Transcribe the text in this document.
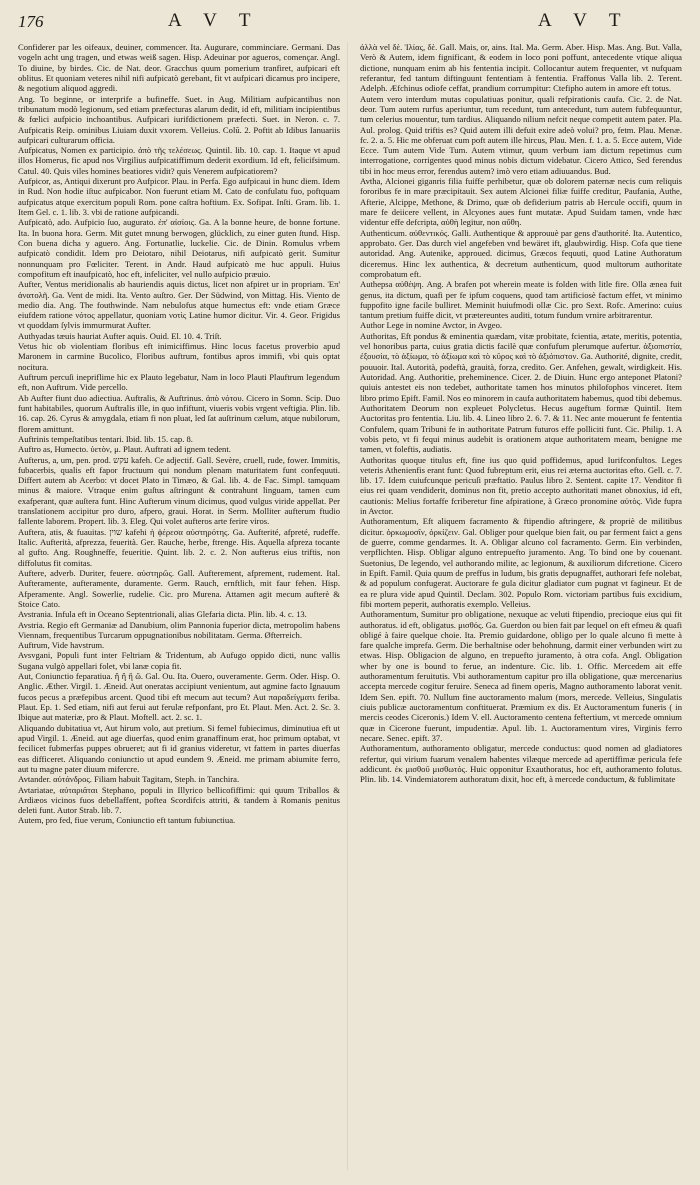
176	A V T	A V T

Confiderer par les oifeaux, deuiner, commencer. Ita. Augurare, comminciare. Germani. Das vogeln acht ung tragen, und etwas weiß sagen. Hisp. Adeuinar por agueros, començar. Angl. To diuine, by birdes. Cic. de Nat. deor. Gracchus quum pomerium tranfiret, aufpicari eft oblitus. Et quoniam veteres nihil nifi aufpicatò gerebant, fit vt aufpicari dicamus pro incipere, & negotium aliquod aggredi.

Ang. To beginne, or interprife a bufineffe. Suet. in Aug. Militiam aufpicantibus non tribunatum modò legionum, sed etiam præfecturas alarum dedit, id eft, militiam incipientibus & fœlici aufpicio inchoantibus. Aufpicari iurifdictionem præfecti. Suet. in Neron. c. 7. Aufpicatis Reip. ominibus Liuiam duxit vxorem. Velleius. Colū. 2. Poftit ab Idibus Ianuariis aufpicari culturarum officia.

Aufpicatus, Nomen ex participio. ἀπὸ τῆς τελέσεως. Quintil. lib. 10. cap. 1. Itaque vt apud illos Homerus, fic apud nos Virgilius aufpicatiffimum dederit exordium. Id eft, felicifsimum. Catul. 40. Quis viles homines beatiores vidit? quis Venerem aufpicatiorem?

Aufpicor, as, Antiqui dixerunt pro Aufpicor. Plau. in Perfa. Ego aufpicaui in hunc diem. Idem in Rud. Non hodie iſtuc aufpicabor. Non fuerunt etiam M. Cato de confulatu fuo, poftquam aufpicatus atque exercitum populi Rom. pone caſtra hoftium. Ex. Sofipat. Inſti. Gram. lib. 1. Item Gel. c. 1. lib. 3. vbi de ratione aufpicandi.

Aufpicatò, ado. Aufpicio ſuo, augurato. ἐπ' αἰσίοις. Ga. A la bonne heure, de bonne fortune. Ita. In buona hora. Germ. Mit gutet mnung berwogen, glücklich, zu einer guten ſtund. Hisp. Con buena dicha y aguero. Ang. Fortunatlie, luckelie. Cic. de Dinin. Romulus vrbem aufpicatò condidit. Idem pro Deiotaro, nihil Deiotarus, nifi aufpicatò gerit. Sumitur nonnunquam pro Fœliciter. Terent. in Andr. Haud aufpicatò me huc appuli. Huius compofitum eft inaufpicatò, hoc eft, infeliciter, vel nullo aufpicio præuio.

Aufter, Ventus meridionalis ab hauriendis aquis dictus, licet non afpiret ur in propriam. Ἐπ' ἀνατολῆ. Ga. Vent de midi. Ita. Vento auſtro. Ger. Der Südwind, von Mittag. His. Viento de medio dia. Ang. The fouthwinde. Nam nebulofus atque humectus eft: vnde etiam Græce eiufdem ratione νότος appellatur, quoniam νοτὶς Latine humor dicitur. Vir. 4. Geor. Frigidus vt quoddam ſylvis immurmurat Aufter.

Authyadas tæuis hauriat Aufter aquis. Ouid. El. 10. 4. Triſt.

Vetus hic ob violentiam floribus eft inimiciffimus. Hinc locus facetus proverbio apud Maronem in carmine Bucolico, Floribus auftrum, fontibus apros immifi, vbi quis optat nocitura.

Auftrum percuſi inepriflime hic ex Plauto legebatur, Nam in loco Plauti Plauftrum legendum eft, non Auftrum. Vide percello.

Ab Aufter fiunt duo adiectiua. Auftralis, & Auftrinus. ἀπὸ νότου. Cicero in Somn. Scip. Duo funt habitabiles, quorum Auftralis ille, in quo infiftunt, viueris vobis vrgent veftigia. Plin. lib. 16. cap. 26. Cyrus & amygdala, etiam fi non pluat, led ſat auſtrinum cælum, atque nubilorum, florem amittunt.

Auftrinis tempeſtatibus tentari. Ibid. lib. 15. cap. 8.

Auftro as, Humecto. ὑετὸν, μ. Plaut. Auftrati ad ignem tedent.

Aufterus, a, um, pen. prod. עקש kafeh. Ce adjectif. Gall. Sevère, cruell, rude, fower. Immitis, fubacerbis, qualis eft fapor fructuum qui nondum plenam maturitatem funt confequuti. Differt autem ab Acerbo: vt docet Plato in Timæo, & Gal. lib. 4. de Fac. Simpl. tamquam minus & maiore. Vtraque enim guſtus aſtringunt & contrahunt linguam, tamen cum exafperant, quæ auſtera funt. Hinc Aufterum vinum dicimus, quod vulgus viride appellat. Per translationem accipitur pro duro, afpero, graui. Horat. in Serm. Molliter aufterum ftudio fallente laborem. Propert. lib. 3. Eleg. Qui volet aufteros arte ferire viros.

Auftera, atis, & fuauitas. שוין kafehi ἡ ϕέρεσα αὐστηρότης. Ga. Aufterité, afpreté, rudeffe. Italic. Aufterità, afprezza, feuerità. Ger. Rauche, herbe, ftrenge. His. Aquella afpreza tocante al gufto. Ang. Roughneffe, feueritie. Quint. lib. 2. c. 2. Non aufterus eius triftis, non diffolutus fit comitas.

Auftere, adverb. Duriter, feuere. αὐστηρῶς. Gall. Aufterement, afprement, rudement. Ital. Aufteramente, aufteramente, duramente. Germ. Rauch, ernftlich, mit faur fehen. Hisp. Afperamente. Angl. Sowerlie, rudelie. Cic. pro Murena. Attamen agit mecum aufterè & Stoice Cato.

Avstrania. Infula eft in Oceano Septentrionali, alias Glefaria dicta. Plin. lib. 4. c. 13.

Avstria. Regio eft Germaniæ ad Danubium, olim Pannonia fuperior dicta, metropolim habens Viennam, frequentibus Turcarum oppugnationibus nobilitatam. Germa. Øfterreich.

Auftrum, Vide havstrum.

Avsvgani, Populi funt inter Feltriam & Tridentum, ab Aufugo oppido dicti, nunc vallis Sugana vulgò appellari folet, vbi lanæ copia fit.

Aut, Coniunctio feparatiua. ἢ ἢ ἢ ὤ. Gal. Ou. Ita. Ouero, ouveramente. Germ. Oder. Hisp. O. Anglic. Æther. Virgil. 1. Æneid. Aut oneratas accipiunt venientum, aut agmine facto Ignauum fucos pecus a præfepibus arcent. Quod tibi eft mecum aut tecum? Aut παραδείγματι feriba. Plaut. Ep. 1. Sed etiam, nifi aut ferui aut ferulæ refponfant, pro Et. Plaut. Men. Act. 2. Sc. 3. Ibique aut materiæ, pro & Plaut. Moftell. act. 2. sc. 1.

Aliquando dubitatiua vt, Aut hirum volo, aut pretium. Si femel fubiecimus, diminutiua eft ut apud Virgil. 1. Æneid. aut age diuerfas, quod enim granaffinum erat, hoc primum optabat, vt fecilicet fubmerfas puppes obrueret; aut fi id granius videretur, vt fattem in partes diuerfas eas difficeret. Aliquando coniunctio ut apud eundem 9. Æneid. me primam abiumite ferro, aut tu magne pater diuum mifercre.

Avtander. αὐτάνδρος. Filiam habuit Tagitam, Steph. in Tanchira.

Avtariatae, αὐταριᾶται Stephano, populi in Illyrico bellicofiffimi: qui quum Triballos & Ardiæos vicinos fuos debellaffent, poftea Scordifcis attriti, & tandem à Romanis penitus deleti funt. Autor Strab. lib. 7.

Autem, pro fed, fiue verum, Coniunctio eft tantum fubiunctiua.

ἀλλὰ vel δὲ. Ἰλίας, δὲ. Gall. Mais, or, ains. Ital. Ma. Germ. Aber. Hisp. Mas. Ang. But. Valla, Verò & Autem, idem fignificant, & eodem in loco poni poffunt, antecedente vtique aliqua dictione, nunquam enim ab his fententia incipit. Collocantur autem frequenter, vt nufquam referantur, fed tantum diftinguunt fententiam à fententia. Fraffonus Valla lib. 2. Terent. Adelph. Æfchinus odiofe ceffat, prandium corrumpitur: Ctefipho autem in amore eft totus.

Autem vero interdum mutas copulatiuas ponitur, quali refpirationis caufa. Cic. 2. de Nat. deor. Tum autem rurfus aperiuntur, tum recedunt, tum antecedunt, tum autem fubfequuntur, tum celerius mouentur, tum tardius. Aliquando nilium nefcit neque competit autem pater. Pla. Aul. prolog. Quid triftis es? Quid autem illi defuit exire adeò volui? pro, fetm. Plau. Menæ. fc. 2. a. 5. Hic me obferuat cum poft autem ille hircus, Plau. Men. f. 1. a. 5. Ecce autem, Vide Ecce. Tum autem Vide Tum. Autem vtimur, quum verbum iam dictum repetimus cum interrogatione, corrigentes quod minus nobis dictum videbatur. Cicero Attico, Sed ferendus tibi in hoc meus error, ferendus autem? imò vero etiam adiuuandus. Bud.

Avtha, Alcionei giganris filia fuiffe perhibetur, quæ ob dolorem paternæ necis cum reliquis fororibus fe in mare præcipitauit. Sex autem Alcionei filiæ fuiffe creditur, Paufania, Authe, Afterie, Alcippe, Methone, & Drimo, quæ ob defiderium patris ab Hercule occifi, quum in mare fe deiicere vellent, in Alcyones aues funt mutatæ. Apud Suidam tamen, vnde hæc videntur effe defcripta, αὐθὴ legitur, non αὔθη.

Authenticum. αὐθεντικός. Galli. Authentique & approuuè par gens d'authorité. Ita. Autentico, approbato. Ger. Das durch viel angefeben vnd bewäret ift, glaubwirdig. Hisp. Cofa que tiene autoridad. Ang. Autenike, approued. dicimus, Græcos fequuti, quod Latine Authoratum diceremus. Hinc lex authentica, & decretum authenticum, quod multorum authoritate comprobatum eft.

Authepsa αὐθέψη. Ang. A brafen pot wherein meate is folden with litle fire. Olla ænea fuit genus, ita dictum, quafi per fe ipfum coquens, quod tam artificiosè factum effet, vt minimo fuppofito igne facile bulliret. Meminit huiufmodi ollæ Cic. pro Sext. Rofc. Amerino: cuius tantum pretium fuiffe dicit, vt prætereuntes auditi, totum fundum vrnire arbitrarentur.

Author Lege in nomine Avctor, in Avgeo.

Authoritas, Eft pondus & eminentia quædam, vitæ probitate, fcientia, ætate, meritis, potentia, vel honoribus parta, cuius gratia dictis facilè quæ confufum plerumque aufertur. ἀξιοπιστία, ἐξουσία, τὸ ἀξίωμα, τὸ ἀξίωμα καὶ τὸ κῦρος καὶ τὸ ἀξιόπιστον. Ga. Authorité, dignite, credit, pouuoir. Ital. Autorità, podeftà, grauità, forza, credito. Ger. Anfehen, gewalt, wirdigkeit. His. Autoridad. Ang. Authoritie, preheminence. Cicer. 2. de Diuin. Hunc ergo anteponet Platoni? quiuis antestet eis non tedebet, authoritate tamen hos minutos philofophos vinceret. Item libro primo Epift. Famil. Nos eo minorem in caufa authoritatem habemus, quod tibi debemus. Authoritatem Deorum non expleuet Polycletus. Hecus augeftum formæ Quintil. Item Auctoritas pro fententia. Liu. lib. 4. Lineo libro 2. 6. 7. & 11. Nec ante mouerunt fe fententia Confulem, quam Tribuni fe in authoritate Patrum futuros effe polliciti funt. Cic. Philip. 1. A vobis peto, vt fi fequi minus audebit is orationem atque authoritatem meam, benigne me tamen, vt foleftis, audiatis.

Authoritas quoque titulus eft, fine ius quo quid poffidemus, apud Iurifconfultos. Leges veteris Athenienfis erant funt: Quod fubreptum erit, eius rei æterna auctoritas efto. Gell. c. 7. lib. 17. Idem cuiufcunque pericuſi præftatio. Paulus libro 2. Sentent. capite 17. Venditor fi eius rei quam vendiderit, dominus non fit, pretio accepto authoritati manet obnoxius, id eft, cautionis: Melius fortaffe fcriberetur fine afpiratione, à Græco pronomine αὐτὸς. Vide fupra in Avctor.

Authoramentum, Eft aliquem facramento & ftipendio aftringere, & propriè de militibus dicitur. ὁρκωμοσῖν, ὁρκίζειν. Gal. Obliger pour quelque bien fait, ou par ferment faict a gens de guerre, comme gendarmes. It. A. Obligar alcuno col facramento. Germ. Ein verbinden, verpflichten. Hisp. Obligar alguno entrepuefto juramento. Ang. To bind one by couenant. Suetonius, De legendo, vel authorando milite, ac legionum, & auxiliorum difcretione. Cicero in Epift. Famil. Quia quum de preffus in ludum, bis gratis depugnaffet, authorari fefe nolebat, & ad populum confugerat. Auctorare fe gula dicitur gladiator cum pugnat vt fagineur. Et de ea re plura vide apud Quintil. Declam. 302. Populo Rom. victoriam partibus fuis excidium, fibi mortem peperit, authoratis exemplo. Velleius.

Authoramentum, Sumitur pro obligatione, nexuque ac veluti ftipendio, precioque eius qui fit authoratus. id eft, obligatus. μισθός. Ga. Guerdon ou bien fait par lequel on eft efmeu & quafi obligé à faire quelque choie. Ita. Premio guidardone, obligo per lo quale alcuno fi mette à fare qualche imprefa. Germ. Die berhaltnise oder behohnung, darmit einer verbunden wirt zu etwas. Hisp. Obligacion de alguno, en trepuefto juramento, à otra cofa. Angl. Obligation wher by one is bound to ferue, an indenture. Cic. lib. 1. Offic. Mercedem ait effe authoramentum feruitutis. Vbi authoramentum capitur pro illa obligatione, quæ mercenarius accepta mercede cogitur feruire. Seneca ad finem operis, Magno authoramento laborat venit. Idem Sen. epift. 70. Nullum fine auctoramento malum (mors, mercede. Velleius, Singulatis ciuis publicæ auctoramentum conftituerat. Præmium ex dis. Et Auctoramentum funeris ( in mercis ceodes Ciceronis.) Idem V. ell. Auctoramento centena feftertium, vt mercede omnium quæ in Cicerone fuerunt, impudentiæ. Apul. lib. 1. Auctoramentum vires, Virginis ferro necare. Senec. epift. 37.

Authoramentum, authoramento obligatur, mercede conductus: quod nomen ad gladiatores refertur, qui virium fuarum venalem habentes vilæque mercede ad apertiffimæ pericula fefe addicunt. ἐκ μισθοῦ μισθωτός. Huic opponitur Exauthoratus, hoc eft, authoramento folutus. Plin. lib. 14. Vindemiatorem authoratum dixit, hoc eft, à mercede conductum, & fublimitate
